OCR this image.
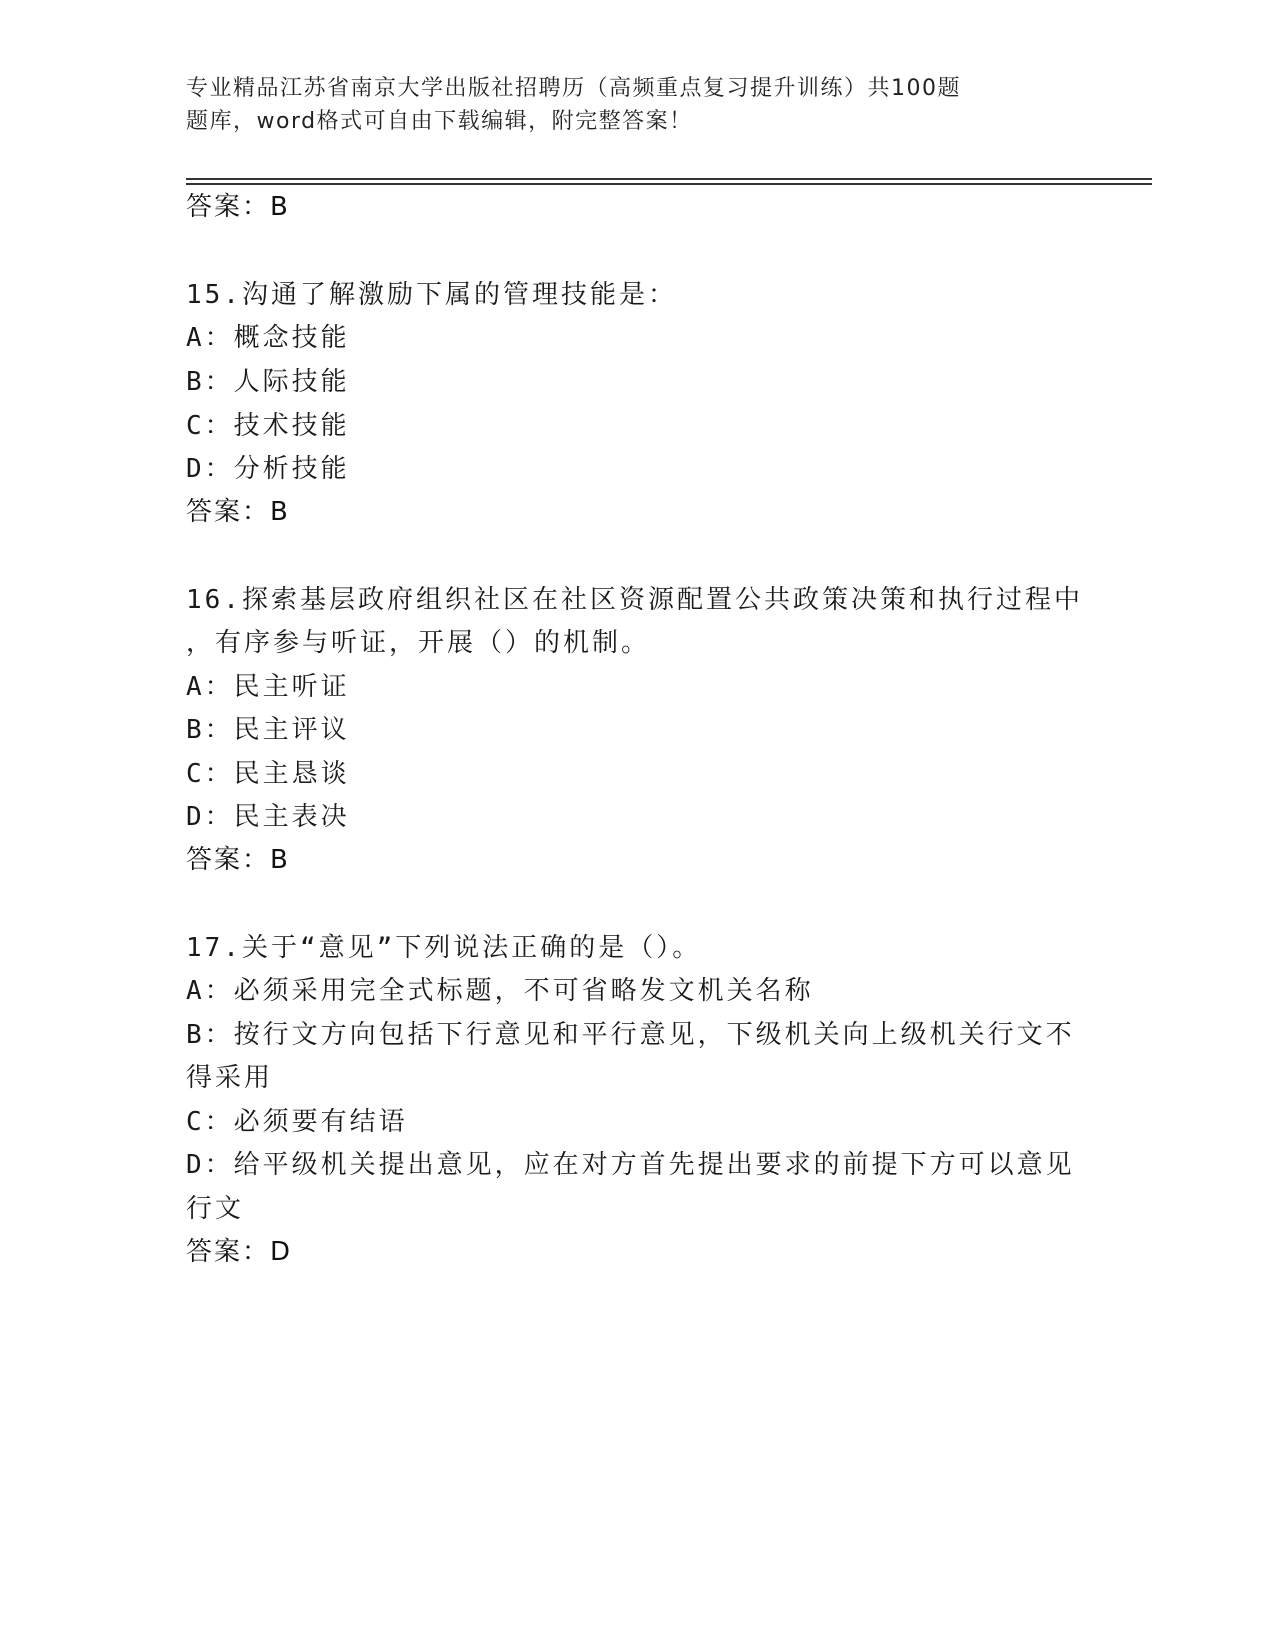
专业精品江苏省南京大学出版社招聘历（高频重点复习提升训练）共100题
题库，word格式可自由下载编辑，附完整答案！
答案：B
15.沟通了解激励下属的管理技能是：
A：概念技能
B：人际技能
C：技术技能
D：分析技能
答案：B
16.探索基层政府组织社区在社区资源配置公共政策决策和执行过程中
，有序参与听证，开展（）的机制。
A：民主听证
B：民主评议
C：民主恳谈
D：民主表决
答案：B
17.关于“意见”下列说法正确的是（）。
A：必须采用完全式标题，不可省略发文机关名称
B：按行文方向包括下行意见和平行意见，下级机关向上级机关行文不
得采用
C：必须要有结语
D：给平级机关提出意见，应在对方首先提出要求的前提下方可以意见
行文
答案：D
